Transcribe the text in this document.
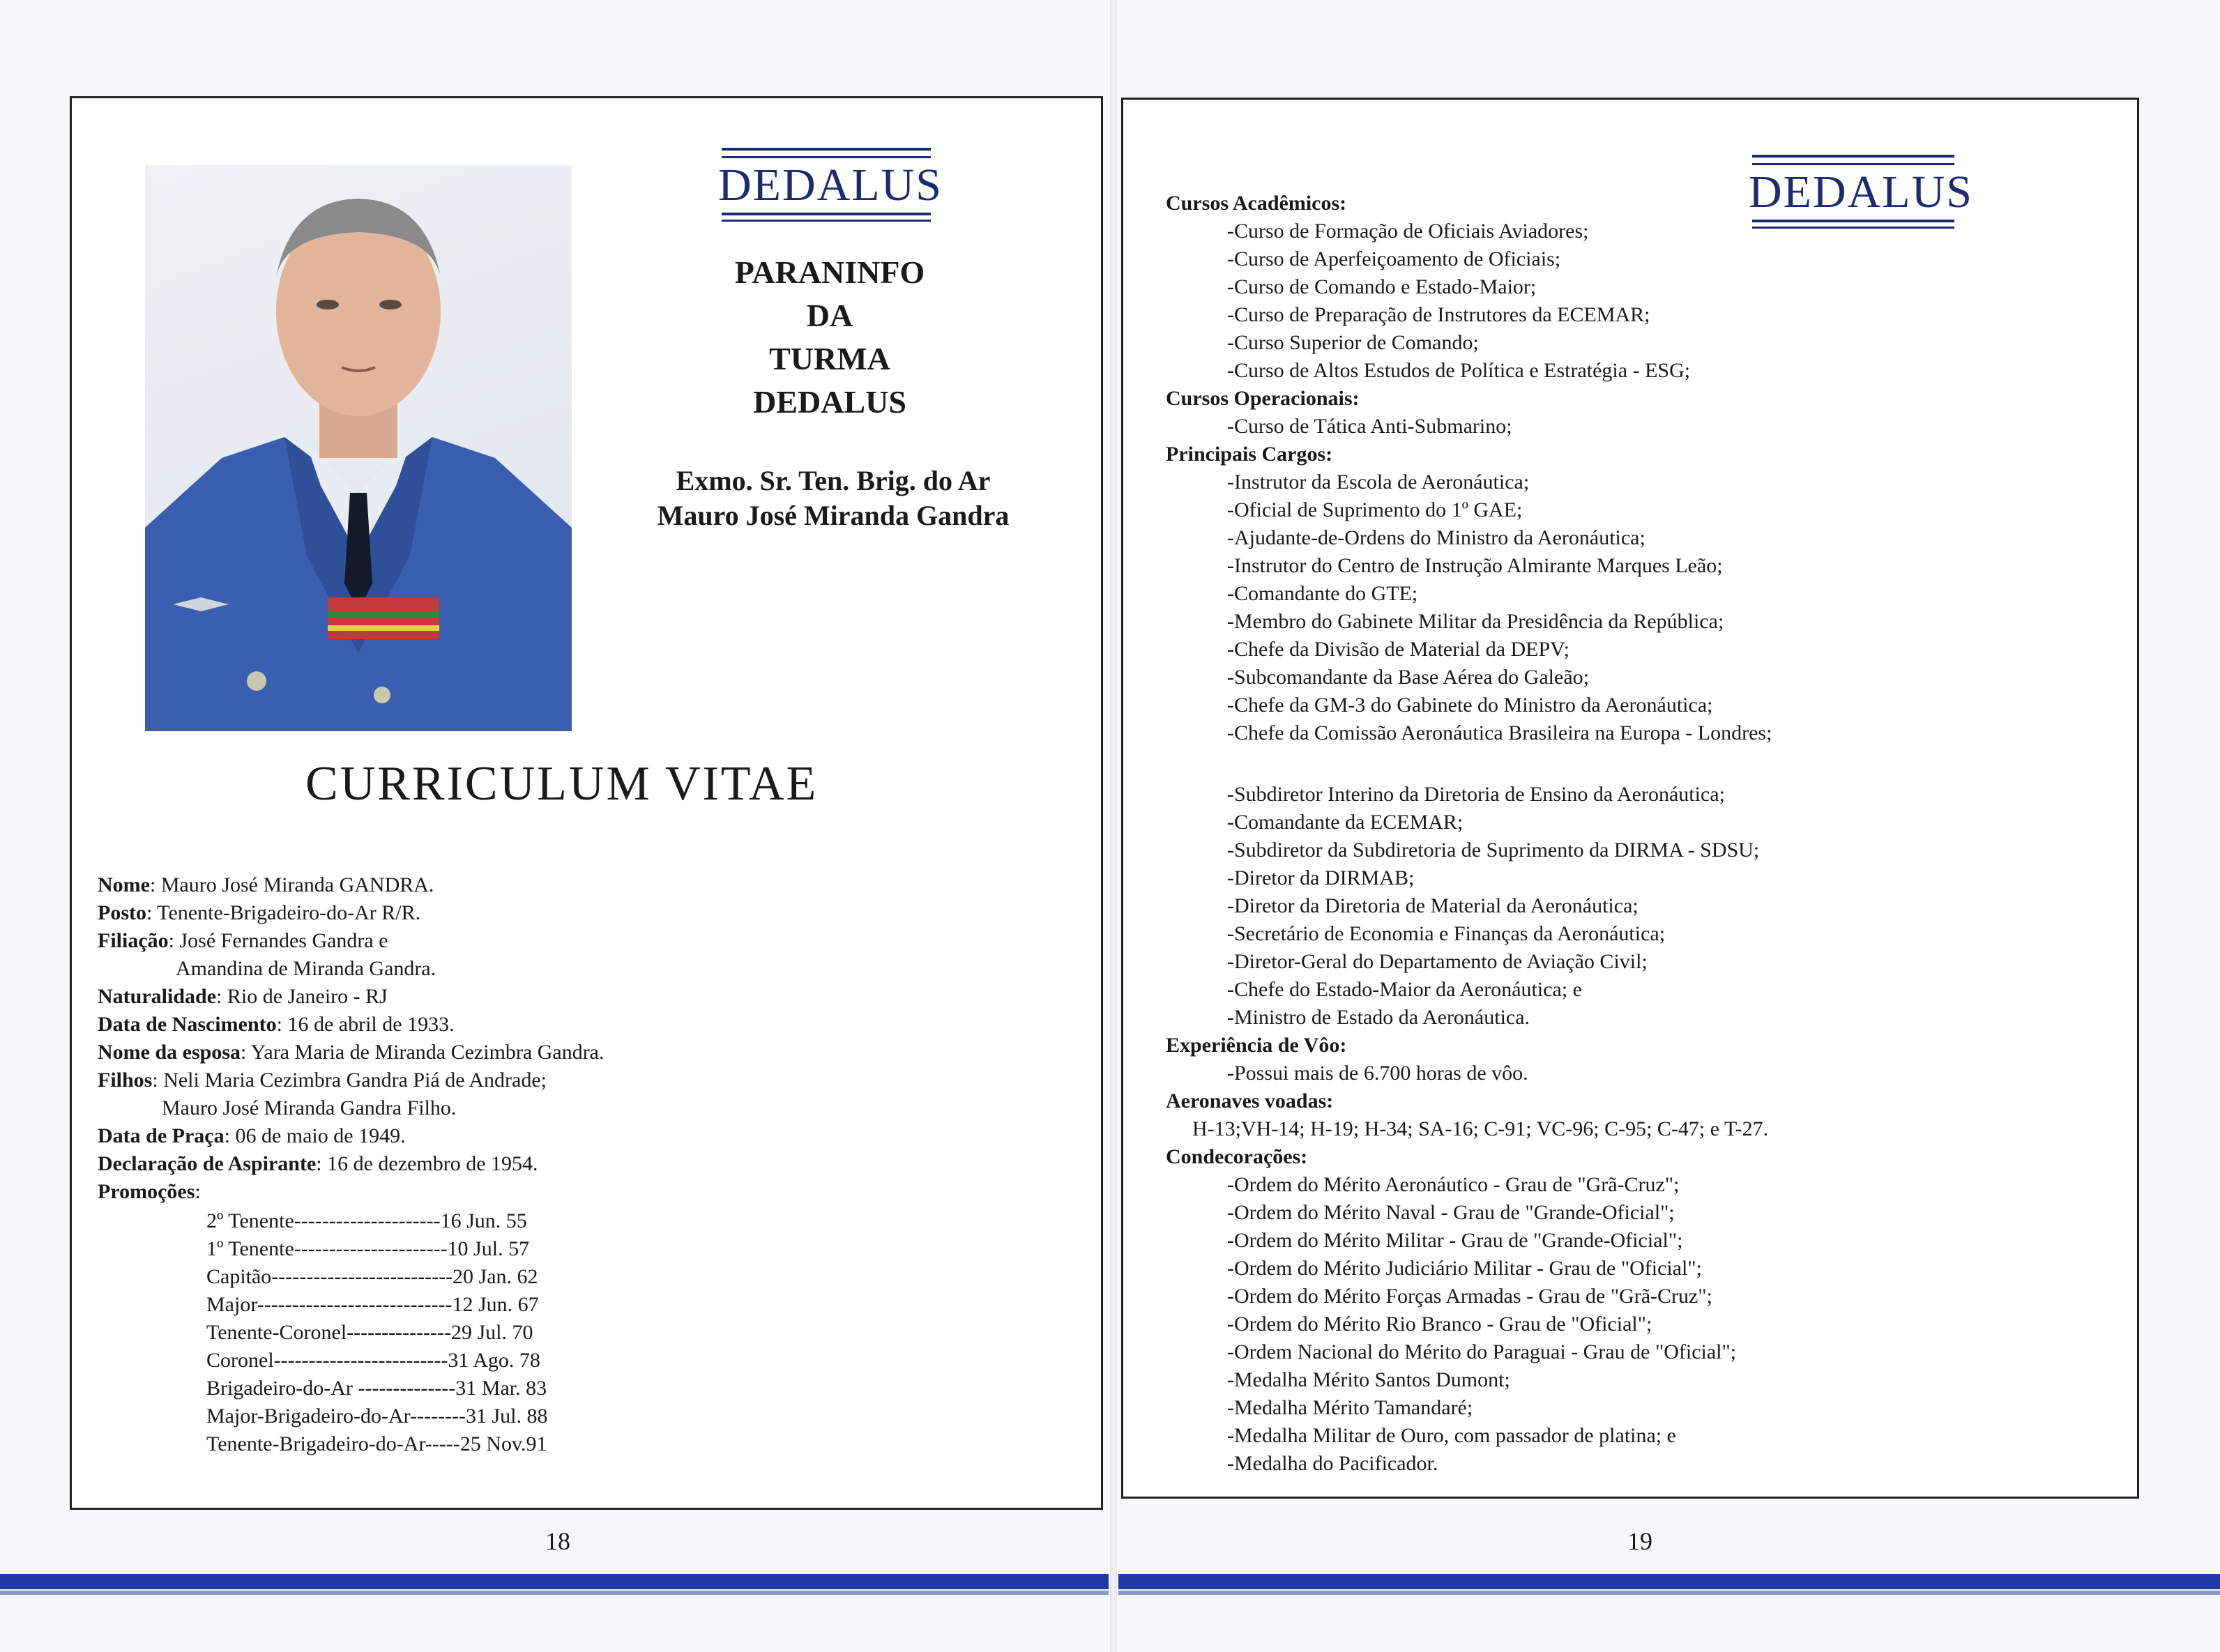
DEDALUS
PARANINFO
DA
TURMA
DEDALUS
Exmo. Sr. Ten. Brig. do Ar
Mauro José Miranda Gandra
CURRICULUM VITAE
Nome: Mauro José Miranda GANDRA.
Posto: Tenente-Brigadeiro-do-Ar R/R.
Filiação: José Fernandes Gandra e
Amandina de Miranda Gandra.
Naturalidade: Rio de Janeiro - RJ
Data de Nascimento: 16 de abril de 1933.
Nome da esposa: Yara Maria de Miranda Cezimbra Gandra.
Filhos: Neli Maria Cezimbra Gandra Piá de Andrade;
Mauro José Miranda Gandra Filho.
Data de Praça: 06 de maio de 1949.
Declaração de Aspirante: 16 de dezembro de 1954.
Promoções:
2º Tenente---------------------16 Jun. 55
1º Tenente----------------------10 Jul. 57
Capitão--------------------------20 Jan. 62
Major----------------------------12 Jun. 67
Tenente-Coronel---------------29 Jul. 70
Coronel-------------------------31 Ago. 78
Brigadeiro-do-Ar --------------31 Mar. 83
Major-Brigadeiro-do-Ar--------31 Jul. 88
Tenente-Brigadeiro-do-Ar-----25 Nov.91
18
DEDALUS
Cursos Acadêmicos:
-Curso de Formação de Oficiais Aviadores;
-Curso de Aperfeiçoamento de Oficiais;
-Curso de Comando e Estado-Maior;
-Curso de Preparação de Instrutores da ECEMAR;
-Curso Superior de Comando;
-Curso de Altos Estudos de Política e Estratégia - ESG;
Cursos Operacionais:
-Curso de Tática Anti-Submarino;
Principais Cargos:
-Instrutor da Escola de Aeronáutica;
-Oficial de Suprimento do 1º GAE;
-Ajudante-de-Ordens do Ministro da Aeronáutica;
-Instrutor do Centro de Instrução Almirante Marques Leão;
-Comandante do GTE;
-Membro do Gabinete Militar da Presidência da República;
-Chefe da Divisão de Material da DEPV;
-Subcomandante da Base Aérea do Galeão;
-Chefe da GM-3 do Gabinete do Ministro da Aeronáutica;
-Chefe da Comissão Aeronáutica Brasileira na Europa - Londres;
-Subdiretor Interino da Diretoria de Ensino da Aeronáutica;
-Comandante da ECEMAR;
-Subdiretor da Subdiretoria de Suprimento da DIRMA - SDSU;
-Diretor da DIRMAB;
-Diretor da Diretoria de Material da Aeronáutica;
-Secretário de Economia e Finanças da Aeronáutica;
-Diretor-Geral do Departamento de Aviação Civil;
-Chefe do Estado-Maior da Aeronáutica; e
-Ministro de Estado da Aeronáutica.
Experiência de Vôo:
-Possui mais de 6.700 horas de vôo.
Aeronaves voadas:
H-13;VH-14; H-19; H-34; SA-16; C-91; VC-96; C-95; C-47; e T-27.
Condecorações:
-Ordem do Mérito Aeronáutico - Grau de "Grã-Cruz";
-Ordem do Mérito Naval - Grau de "Grande-Oficial";
-Ordem do Mérito Militar - Grau de "Grande-Oficial";
-Ordem do Mérito Judiciário Militar - Grau de "Oficial";
-Ordem do Mérito Forças Armadas - Grau de "Grã-Cruz";
-Ordem do Mérito Rio Branco - Grau de "Oficial";
-Ordem Nacional do Mérito do Paraguai - Grau de "Oficial";
-Medalha Mérito Santos Dumont;
-Medalha Mérito Tamandaré;
-Medalha Militar de Ouro, com passador de platina; e
-Medalha do Pacificador.
19
